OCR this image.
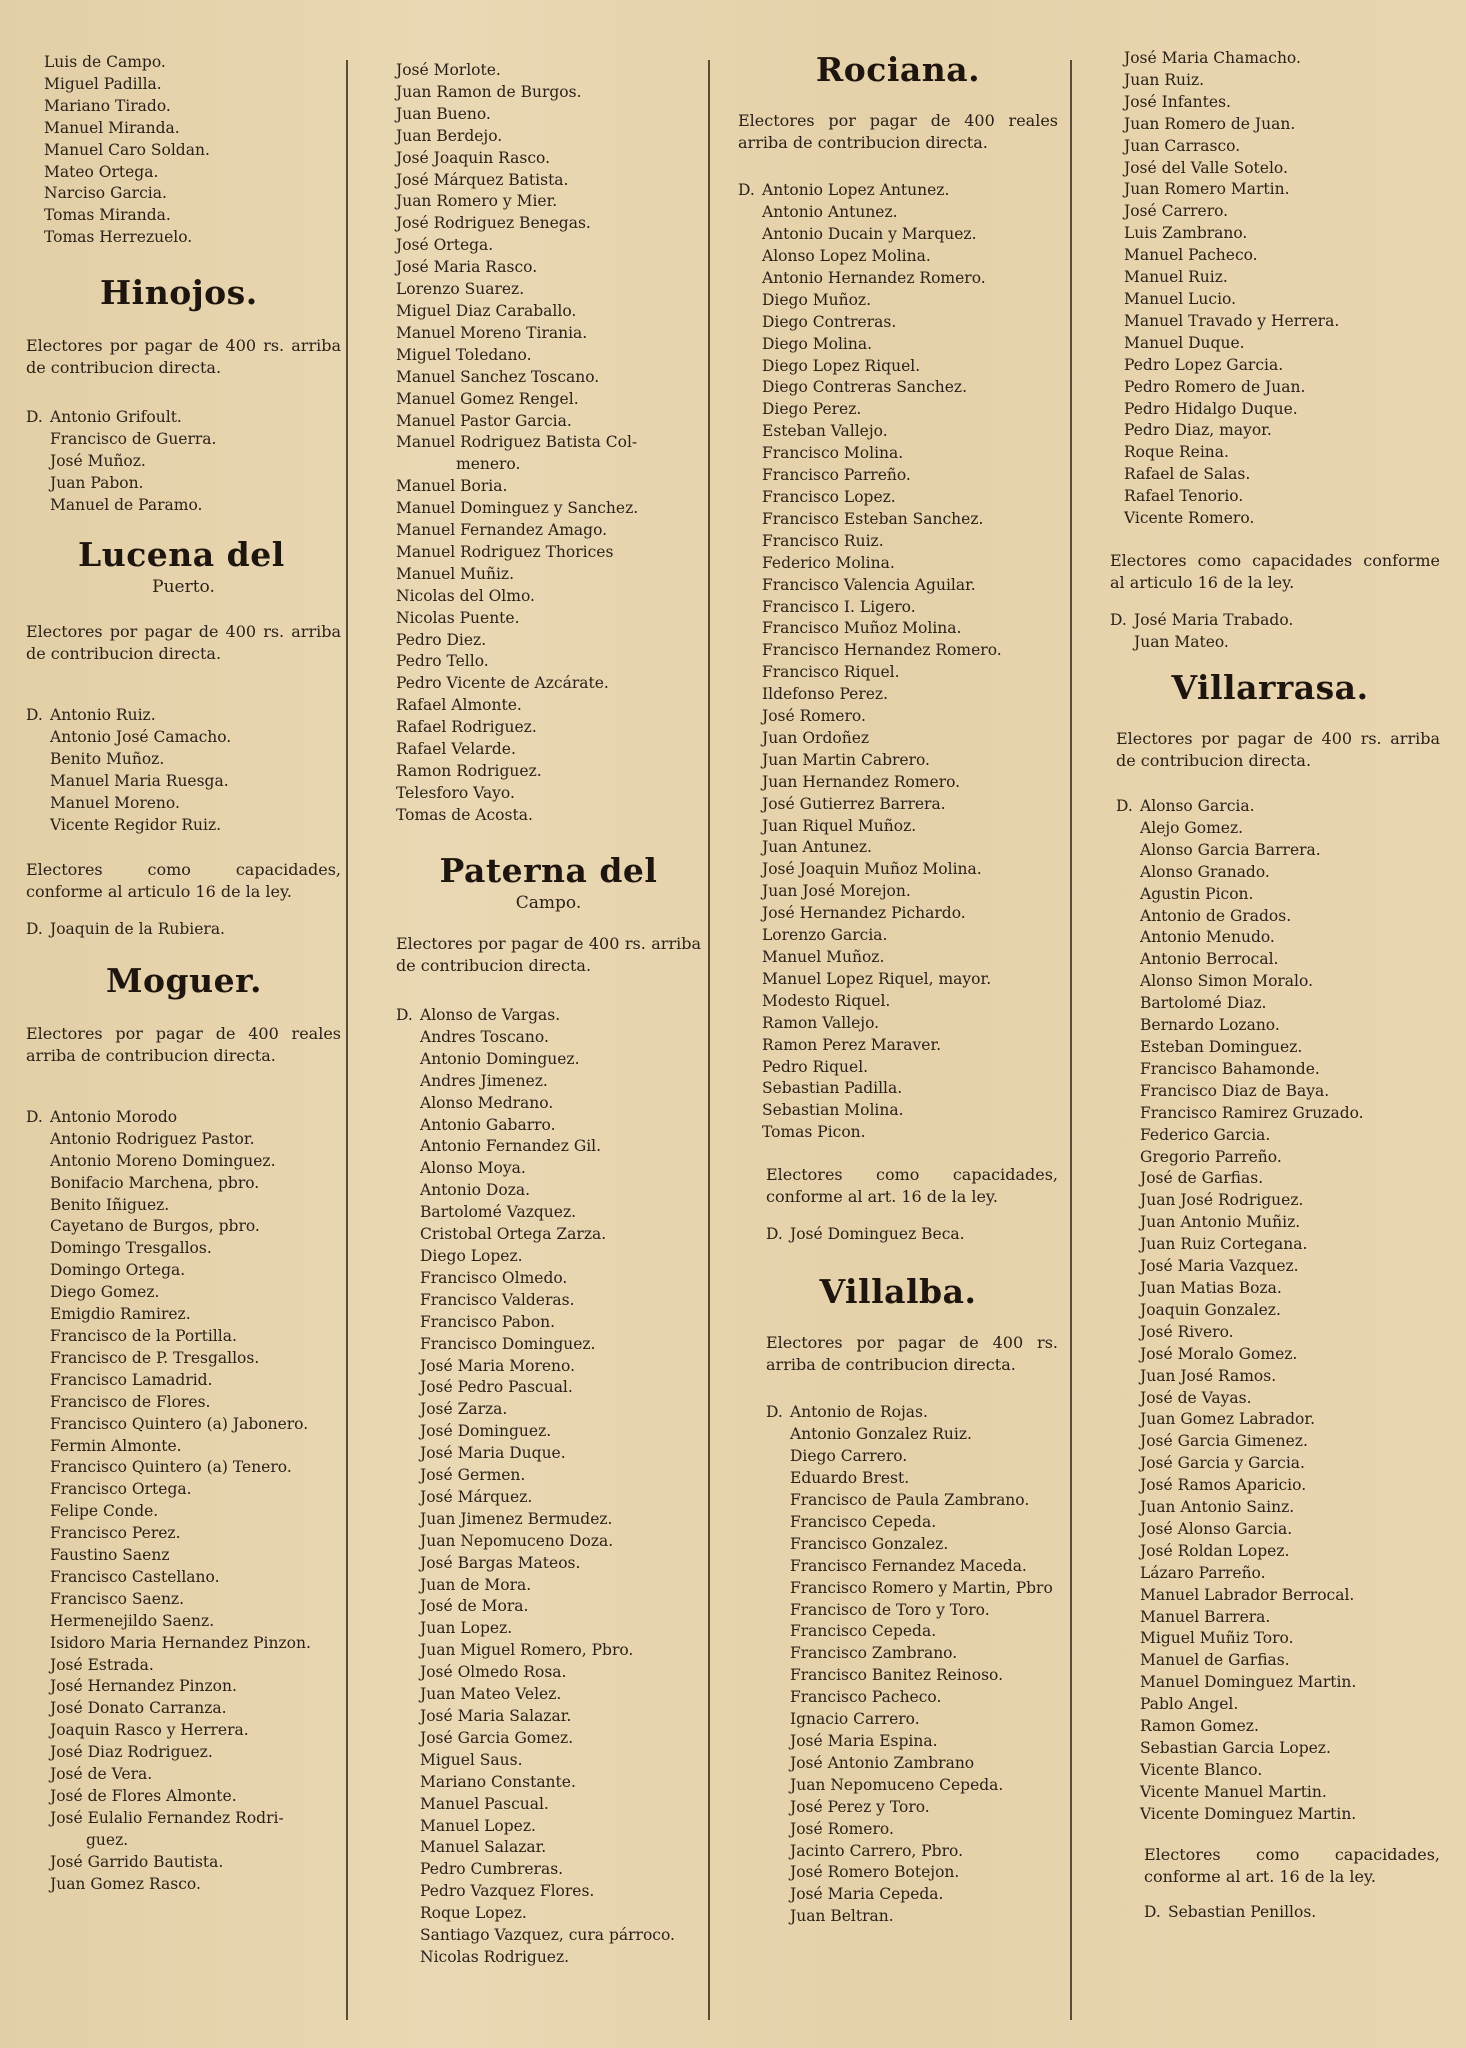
Luis de Campo.
Miguel Padilla.
Mariano Tirado.
Manuel Miranda.
Manuel Caro Soldan.
Mateo Ortega.
Narciso Garcia.
Tomas Miranda.
Tomas Herrezuelo.
Hinojos.
Electores por pagar de 400 rs. arriba de contribucion directa.
D. Antonio Grifoult.
Francisco de Guerra.
José Muñoz.
Juan Pabon.
Manuel de Paramo.
Lucena del
Puerto.
Electores por pagar de 400 rs. arriba de contribucion directa.
D. Antonio Ruiz.
Antonio José Camacho.
Benito Muñoz.
Manuel Maria Ruesga.
Manuel Moreno.
Vicente Regidor Ruiz.
Electores como capacidades, conforme al articulo 16 de la ley.
D. Joaquin de la Rubiera.
Moguer.
Electores por pagar de 400 reales arriba de contribucion directa.
D. Antonio Morodo
Antonio Rodriguez Pastor.
Antonio Moreno Dominguez.
Bonifacio Marchena, pbro.
Benito Iñiguez.
Cayetano de Burgos, pbro.
Domingo Tresgallos.
Domingo Ortega.
Diego Gomez.
Emigdio Ramirez.
Francisco de la Portilla.
Francisco de P. Tresgallos.
Francisco Lamadrid.
Francisco de Flores.
Francisco Quintero (a) Jabonero.
Fermin Almonte.
Francisco Quintero (a) Tenero.
Francisco Ortega.
Felipe Conde.
Francisco Perez.
Faustino Saenz
Francisco Castellano.
Francisco Saenz.
Hermenejildo Saenz.
Isidoro Maria Hernandez Pinzon.
José Estrada.
José Hernandez Pinzon.
José Donato Carranza.
Joaquin Rasco y Herrera.
José Diaz Rodriguez.
José de Vera.
José de Flores Almonte.
José Eulalio Fernandez Rodri-
guez.
José Garrido Bautista.
Juan Gomez Rasco.
José Morlote.
Juan Ramon de Burgos.
Juan Bueno.
Juan Berdejo.
José Joaquin Rasco.
José Márquez Batista.
Juan Romero y Mier.
José Rodriguez Benegas.
José Ortega.
José Maria Rasco.
Lorenzo Suarez.
Miguel Diaz Caraballo.
Manuel Moreno Tirania.
Miguel Toledano.
Manuel Sanchez Toscano.
Manuel Gomez Rengel.
Manuel Pastor Garcia.
Manuel Rodriguez Batista Col-
menero.
Manuel Boria.
Manuel Dominguez y Sanchez.
Manuel Fernandez Amago.
Manuel Rodriguez Thorices
Manuel Muñiz.
Nicolas del Olmo.
Nicolas Puente.
Pedro Diez.
Pedro Tello.
Pedro Vicente de Azcárate.
Rafael Almonte.
Rafael Rodriguez.
Rafael Velarde.
Ramon Rodriguez.
Telesforo Vayo.
Tomas de Acosta.
Paterna del
Campo.
Electores por pagar de 400 rs. arriba de contribucion directa.
D. Alonso de Vargas.
Andres Toscano.
Antonio Dominguez.
Andres Jimenez.
Alonso Medrano.
Antonio Gabarro.
Antonio Fernandez Gil.
Alonso Moya.
Antonio Doza.
Bartolomé Vazquez.
Cristobal Ortega Zarza.
Diego Lopez.
Francisco Olmedo.
Francisco Valderas.
Francisco Pabon.
Francisco Dominguez.
José Maria Moreno.
José Pedro Pascual.
José Zarza.
José Dominguez.
José Maria Duque.
José Germen.
José Márquez.
Juan Jimenez Bermudez.
Juan Nepomuceno Doza.
José Bargas Mateos.
Juan de Mora.
José de Mora.
Juan Lopez.
Juan Miguel Romero, Pbro.
José Olmedo Rosa.
Juan Mateo Velez.
José Maria Salazar.
José Garcia Gomez.
Miguel Saus.
Mariano Constante.
Manuel Pascual.
Manuel Lopez.
Manuel Salazar.
Pedro Cumbreras.
Pedro Vazquez Flores.
Roque Lopez.
Santiago Vazquez, cura párroco.
Nicolas Rodriguez.
Rociana.
Electores por pagar de 400 reales arriba de contribucion directa.
D. Antonio Lopez Antunez.
Antonio Antunez.
Antonio Ducain y Marquez.
Alonso Lopez Molina.
Antonio Hernandez Romero.
Diego Muñoz.
Diego Contreras.
Diego Molina.
Diego Lopez Riquel.
Diego Contreras Sanchez.
Diego Perez.
Esteban Vallejo.
Francisco Molina.
Francisco Parreño.
Francisco Lopez.
Francisco Esteban Sanchez.
Francisco Ruiz.
Federico Molina.
Francisco Valencia Aguilar.
Francisco I. Ligero.
Francisco Muñoz Molina.
Francisco Hernandez Romero.
Francisco Riquel.
Ildefonso Perez.
José Romero.
Juan Ordoñez
Juan Martin Cabrero.
Juan Hernandez Romero.
José Gutierrez Barrera.
Juan Riquel Muñoz.
Juan Antunez.
José Joaquin Muñoz Molina.
Juan José Morejon.
José Hernandez Pichardo.
Lorenzo Garcia.
Manuel Muñoz.
Manuel Lopez Riquel, mayor.
Modesto Riquel.
Ramon Vallejo.
Ramon Perez Maraver.
Pedro Riquel.
Sebastian Padilla.
Sebastian Molina.
Tomas Picon.
Electores como capacidades, conforme al art. 16 de la ley.
D. José Dominguez Beca.
Villalba.
Electores por pagar de 400 rs. arriba de contribucion directa.
D. Antonio de Rojas.
Antonio Gonzalez Ruiz.
Diego Carrero.
Eduardo Brest.
Francisco de Paula Zambrano.
Francisco Cepeda.
Francisco Gonzalez.
Francisco Fernandez Maceda.
Francisco Romero y Martin, Pbro
Francisco de Toro y Toro.
Francisco Cepeda.
Francisco Zambrano.
Francisco Banitez Reinoso.
Francisco Pacheco.
Ignacio Carrero.
José Maria Espina.
José Antonio Zambrano
Juan Nepomuceno Cepeda.
José Perez y Toro.
José Romero.
Jacinto Carrero, Pbro.
José Romero Botejon.
José Maria Cepeda.
Juan Beltran.
José Maria Chamacho.
Juan Ruiz.
José Infantes.
Juan Romero de Juan.
Juan Carrasco.
José del Valle Sotelo.
Juan Romero Martin.
José Carrero.
Luis Zambrano.
Manuel Pacheco.
Manuel Ruiz.
Manuel Lucio.
Manuel Travado y Herrera.
Manuel Duque.
Pedro Lopez Garcia.
Pedro Romero de Juan.
Pedro Hidalgo Duque.
Pedro Diaz, mayor.
Roque Reina.
Rafael de Salas.
Rafael Tenorio.
Vicente Romero.
Electores como capacidades conforme al articulo 16 de la ley.
D. José Maria Trabado.
Juan Mateo.
Villarrasa.
Electores por pagar de 400 rs. arriba de contribucion directa.
D. Alonso Garcia.
Alejo Gomez.
Alonso Garcia Barrera.
Alonso Granado.
Agustin Picon.
Antonio de Grados.
Antonio Menudo.
Antonio Berrocal.
Alonso Simon Moralo.
Bartolomé Diaz.
Bernardo Lozano.
Esteban Dominguez.
Francisco Bahamonde.
Francisco Diaz de Baya.
Francisco Ramirez Gruzado.
Federico Garcia.
Gregorio Parreño.
José de Garfias.
Juan José Rodriguez.
Juan Antonio Muñiz.
Juan Ruiz Cortegana.
José Maria Vazquez.
Juan Matias Boza.
Joaquin Gonzalez.
José Rivero.
José Moralo Gomez.
Juan José Ramos.
José de Vayas.
Juan Gomez Labrador.
José Garcia Gimenez.
José Garcia y Garcia.
José Ramos Aparicio.
Juan Antonio Sainz.
José Alonso Garcia.
José Roldan Lopez.
Lázaro Parreño.
Manuel Labrador Berrocal.
Manuel Barrera.
Miguel Muñiz Toro.
Manuel de Garfias.
Manuel Dominguez Martin.
Pablo Angel.
Ramon Gomez.
Sebastian Garcia Lopez.
Vicente Blanco.
Vicente Manuel Martin.
Vicente Dominguez Martin.
Electores como capacidades, conforme al art. 16 de la ley.
D. Sebastian Penillos.
